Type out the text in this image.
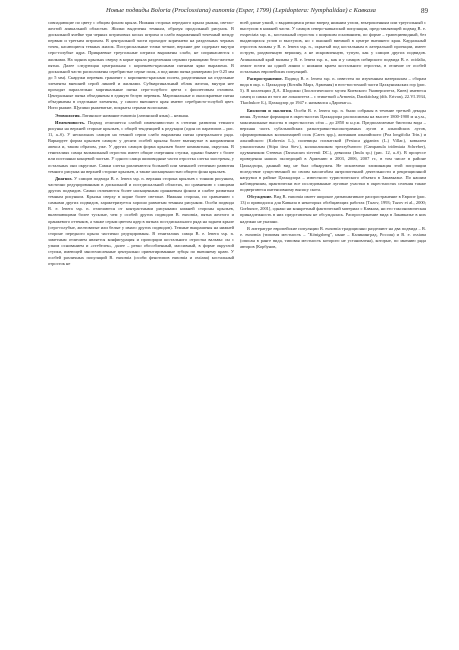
Новые подвиды Boloria (Proclossiana) eunomia (Esper, 1799) (Lepidoptera: Nymphalidae) с Кавказа	89

совпадающие по цвету с общим фоном крыла. Нижняя сторона передного крыла рыжая, светло-желтой апикальной областью. Жилки выделены темным, образуя продольный рисунок. В дискальной ячейке три черных штриховых косых штриха и слабо выраженный точечный между первым и третьим штрихом. В центральной части проходит коричнево на раздельных черных точек, касающиеся темных жилок. Постдискальные точки четкие, верхние две содержат внутри серо-голубые ядра. Прикраевые треугольные штрихи выражены слабо, не соприкасаются с жилками. На задних крыльях сверху в корне крыла разделенная серыми границами бело-желтые пятна. Далее следующая центральная с коричнево-красными пятнами ярко выражена. В дискальной части расположены серебристые серые поля, а под ними пятна размерами (от 0.25 мм до 5 мм). Снаружи перевязь граничит с коричнево-красным полем, разделенным на отдельные элементы внешней серой линией и жилками. Субмаргинальный облик желтая, внутри нее проходят параллельно маргинальные пятна серо-голубого цвета с фиолетовым отливом. Центральные пятна объединены в единую белую перевязь. Маргинальные и околокраевые пятна объединены в отдельные элементы, у самого внешнего края имеют серебристо-голубой цвет. Ноги рыжие. Щупики рыжеватые, покрыты серыми волосками.

Этимология. Латинское название eunomia (латинский язык) – нежная.

Изменчивость. Подвид отличается слабой изменчивостью в степени развития темного рисунка на верхней стороне крыльев, с общей тенденцией к редукции (один из паратипов – рис. 11, а–б). У нескольких самцов на темной серии слабо выражены пятна центрального ряда. Варьирует форма крыльев самцов: у десяти особей крылья более вытянутые в направлении апекса и, таким образом, уже. У других самцов форма крыльев более компактная, округлая. В гениталиях самца вальвальный отросток имеет общие очертания ступки, однако бывает с более или постоянно концевой частью. У одного самца шиповидные части отростка слегка заострены, у остальных они округлые. Самки слегка различаются большей или меньшей степенью развития темного рисунка на верхней стороне крыльев, а также насыщенностью общего фона крыльев.

Диагноз. У самцов подвида B. e. lenera ssp. n. верхняя сторона крыльев с тонким рисунком, частично редуцированным в дискальной и постдискальной областях, по сравнению с самцами других подвидов. Самки отличаются более насыщенным оранжевым фоном и слабее развитым темным рисунком. Крылья сверху в корне более светлые. Нижняя сторона, по сравнению с самками других подвидов, характеризуется хорошо развитым темным рисунком. Особи подвида B. e. lenera ssp. n. отличаются от контрастными рисунками нижней стороны крыльев, включающими более тусклые, чем у особей других подвидов B. eunomia, пятна желтого и оранжевого оттенков, а также серым цветом ядер в пятнах постдискального ряда на заднем крыле (серо-голубые, желтоватые или белые у имаго других подвидов). Темные выкрашены на нижней стороне передного крыла частично редуцированы. В гениталиях самца B. e. lenera ssp. n. заметным отличием является конфигурация и пропорции костального отростка вальвы: он с узким основанием и «стебелек», далее – резко обособленный, массивный, в форме округлой ступки, имеющей многочисленные центрально ориентированные зубцы по внешнему краю. У особей различных популяций B. eunomia (особи фенотипов eunomia и ossiana) костальный отросток не

всей длине узкий, с выдающимся резко вперед нижним углом, взъерошенным или треугольный с выступом в нижней части. У самцов северо-кавказской популяции, представляющей подвид B. e. exspectata ssp. n., костальный отросток с широким основанием, по форме – трапециевидный, без выдающихся углов и выступов, но с пышной виемкой в центре внешнего края. Каудальный отросток вальвы у B. e. lenera ssp. n., скрытый под костальным в латеральной проекции, имеет острую, раздвоенную вершину, а не искривленную, тупую, как у самцов других подвидов. Апикальный край вальвы у B. e. lenera ssp. n., как и у самцов сибирского подвида B. e. ocidalia, лежит почти на одной линии с нижним краем костального отростка, в отличие от особей остальных европейских популяций.

Распространение. Подвид B. e. lenera ssp. n. известен по изученным материалам – сборам вида в окр. с. Цахкадзор (Котайк Марз, Армения) в юго-восточной части Цахкуниакских гор (рис. 5). В коллекции Д.А. Шодожко (Зоологического музея Киевского Университета, Киев) имеются самец и самка из того же локалитета – с этикеткой «Armenia, Daraktichag (dtb. Erivan), 22.VI.1934, Tkachukov Б.), Цахкадзор до 1947 г. назывался «Даричаг»».

Биология и экология. Особи B. e. lenera ssp. n. были собраны в течение третьей декады июня. Луговые формации в окрестностях Цахкадзора расположены на высоте 1800-1900 м н.у.м., максимальные высоты в окрестностях сёла – до 2850 м н.у.м. Предполагаемые биотопы вида – верхняя часть субальпийских разнотравно-высокотравных лугов и альпийских лугов, сформированных колонизацией осок (Carex spp.), житняков альпийского (Poa longifolia Trin.) и альпийского (Kobresia L.), полевицы гигантской (Festuca gigantea (L.) Villar.), ковылем узколистным (Stipa tirsa Stev.), колокольчиком трехзубчатого (Campanula tridentata Schreber), одуванчиком Стевена (Taraxacum stevenii DC.), девясила (Inula sp.) (рис. 12, а–б). В процессе проведения наших экспедиций в Армению в 2003, 2006, 2007 гг., в том числе в районе Цахкадзора, данный вид не был обнаружен. Не исключено элиминация этой популяции вследствие существенной по своим масштабам антропогенной деятельности и рекреационной нагрузки в районе Цахкадзора – известного туристического объекта в Закавказье. По нашим наблюдениям, практически все исследованные луговые участки в окрестностях селения также подвергаются интенсивному выпасу скота.

Обсуждение. Вид B. eunomia имеет широкое дизъюнктивное распространение в Европе (рис. 13) и приводился для Кавказа в некоторых обобщающих работах [Tuzov, 1993; Tuzov et al., 2000; Gorbunov, 2001], однако ни конкретный фактический материал с Кавказа, ни его таксономическая принадлежность в них представлены не обсуждалась. Распространение вида в Закавказье в них надежно не указано.

В литературе европейские популяции B. eunomia традиционно разделяют на два подвида – B. e. eunomia (типовая местность – "Königsberg", ныне – Калининград, Россия) и B. e. ossiana (описан в ранге вида, типовая местность которого не установлена), которые, по мнению ряда авторов [Корбунов,
